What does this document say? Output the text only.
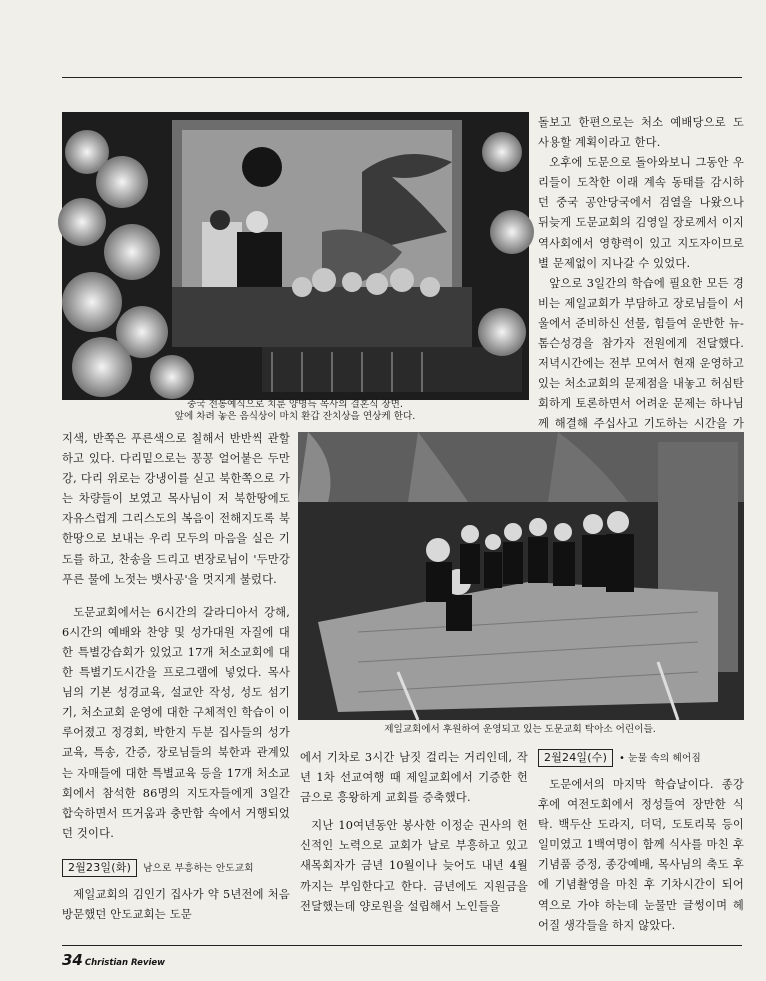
중국 전통예식으로 치룬 양명득 목사의 결혼식 장면.
앞에 차려 놓은 음식상이 마치 환갑 잔치상을 연상케 한다.

돌보고 한편으로는 처소 예배당으로 도 사용할 계획이라고 한다.

오후에 도문으로 돌아와보니 그동안 우리들이 도착한 이래 계속 동태를 감시하던 중국 공안당국에서 검열을 나왔으나 뒤늦게 도문교회의 김영일 장로께서 이지역사회에서 영향력이 있고 지도자이므로 별 문제없이 지나갈 수 있었다.

앞으로 3일간의 학습에 필요한 모든 경비는 제일교회가 부담하고 장로님들이 서울에서 준비하신 선물, 힘들여 운반한 뉴-톰슨성경을 참가자 전원에게 전달했다. 저녁시간에는 전부 모여서 현재 운영하고 있는 처소교회의 문제점을 내놓고 허심탄회하게 토론하면서 어려운 문제는 하나님께 해결해 주십사고 기도하는 시간을 가

제일교회에서 후원하여 운영되고 있는 도문교회 탁아소 어린이들.

지색, 반쪽은 푸른색으로 칠해서 반반씩 관할하고 있다. 다리밑으로는 꽁꽁 얼어붙은 두만강, 다리 위로는 강냉이를 싣고 북한쪽으로 가는 차량들이 보였고 목사님이 저 북한땅에도 자유스럽게 그리스도의 복음이 전해지도록 북한땅으로 보내는 우리 모두의 마음을 실은 기도를 하고, 찬송을 드리고 변장로님이 '두만강 푸른 물에 노젓는 뱃사공'을 멋지게 불렀다.

도문교회에서는 6시간의 갈라디아서 강해, 6시간의 예배와 찬양 및 성가대원 자질에 대한 특별강습회가 있었고 17개 처소교회에 대한 특별기도시간을 프로그램에 넣었다. 목사님의 기본 성경교육, 설교안 작성, 성도 섬기기, 처소교회 운영에 대한 구체적인 학습이 이루어졌고 정경회, 박한지 두분 집사들의 성가교육, 특송, 간증, 장로님들의 북한과 관계있는 자매들에 대한 특별교육 등을 17개 처소교회에서 참석한 86명의 지도자들에게 3일간 합숙하면서 뜨거움과 충만함 속에서 거행되었던 것이다.

2월23일(화) 남으로 부흥하는 안도교회

제일교회의 김인기 집사가 약 5년전에 처음 방문했던 안도교회는 도문

에서 기차로 3시간 남짓 걸리는 거리인데, 작년 1차 선교여행 때 제일교회에서 기증한 헌금으로 흥왕하게 교회를 증축했다.

지난 10여년동안 봉사한 이정순 권사의 헌신적인 노력으로 교회가 날로 부흥하고 있고 새목회자가 금년 10월이나 늦어도 내년 4월까지는 부임한다고 한다. 금년에도 지원금을 전달했는데 양로원을 설립해서 노인들을

2월24일(수) • 눈물 속의 헤어짐

도문에서의 마지막 학습날이다. 종강 후에 여전도회에서 정성들여 장만한 식탁. 백두산 도라지, 더덕, 도토리묵 등이 일미였고 1백여명이 함께 식사를 마친 후 기념품 증정, 종강예배, 목사님의 축도 후에 기념촬영을 마친 후 기차시간이 되어 역으로 가야 하는데 눈물만 글썽이며 헤어질 생각들을 하지 않았다.

34 Christian Review
